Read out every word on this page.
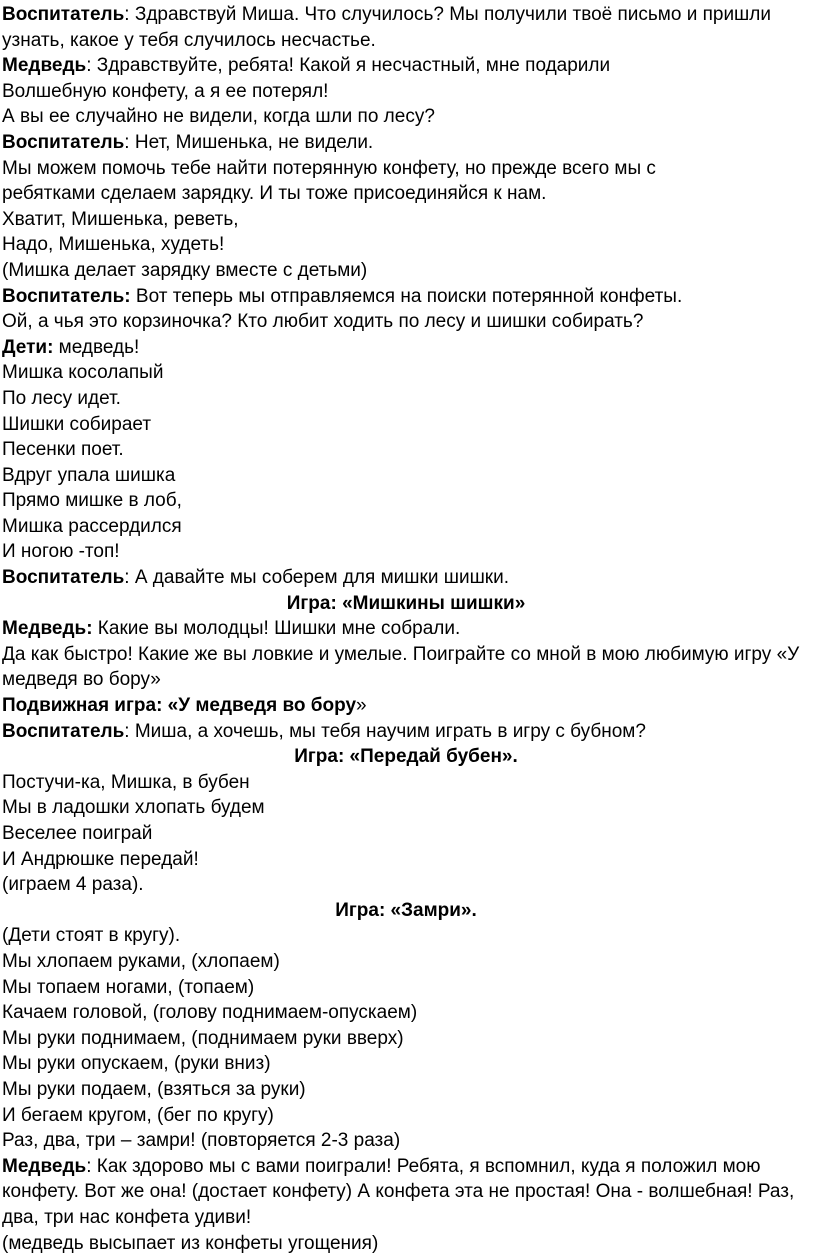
Воспитатель: Здравствуй Миша. Что случилось? Мы получили твоё письмо и пришли узнать, какое у тебя случилось несчастье.

Медведь: Здравствуйте, ребята! Какой я несчастный, мне подарили

Волшебную конфету, а я ее потерял!

А вы ее случайно не видели, когда шли по лесу?

Воспитатель: Нет, Мишенька, не видели.

Мы можем помочь тебе найти потерянную конфету, но прежде всего мы с

ребятками сделаем зарядку. И ты тоже присоединяйся к нам.

Хватит, Мишенька, реветь,

Надо, Мишенька, худеть!

(Мишка делает зарядку вместе с детьми)

Воспитатель: Вот теперь мы отправляемся на поиски потерянной конфеты.

Ой, а чья это корзиночка? Кто любит ходить по лесу и шишки собирать?

Дети: медведь!

Мишка косолапый

По лесу идет.

Шишки собирает

Песенки поет.

Вдруг упала шишка

Прямо мишке в лоб,

Мишка рассердился

И ногою -топ!

Воспитатель: А давайте мы соберем для мишки шишки.

Игра: «Мишкины шишки»

Медведь: Какие вы молодцы! Шишки мне собрали.

Да как быстро! Какие же вы ловкие и умелые. Поиграйте со мной в мою любимую игру «У медведя во бору»

Подвижная игра: «У медведя во бору»

Воспитатель: Миша, а хочешь, мы тебя научим играть в игру с бубном?

Игра: «Передай бубен».

Постучи-ка, Мишка, в бубен

Мы в ладошки хлопать будем

Веселее поиграй

И Андрюшке передай!

(играем 4 раза).

Игра: «Замри».

(Дети стоят в кругу).

Мы хлопаем руками, (хлопаем)

Мы топаем ногами, (топаем)

Качаем головой, (голову поднимаем-опускаем)

Мы руки поднимаем, (поднимаем руки вверх)

Мы руки опускаем, (руки вниз)

Мы руки подаем, (взяться за руки)

И бегаем кругом, (бег по кругу)

Раз, два, три – замри! (повторяется 2-3 раза)

Медведь: Как здорово мы с вами поиграли! Ребята, я вспомнил, куда я положил мою конфету. Вот же она! (достает конфету) А конфета эта не простая! Она - волшебная! Раз, два, три нас конфета удиви!

(медведь высыпает из конфеты угощения)
